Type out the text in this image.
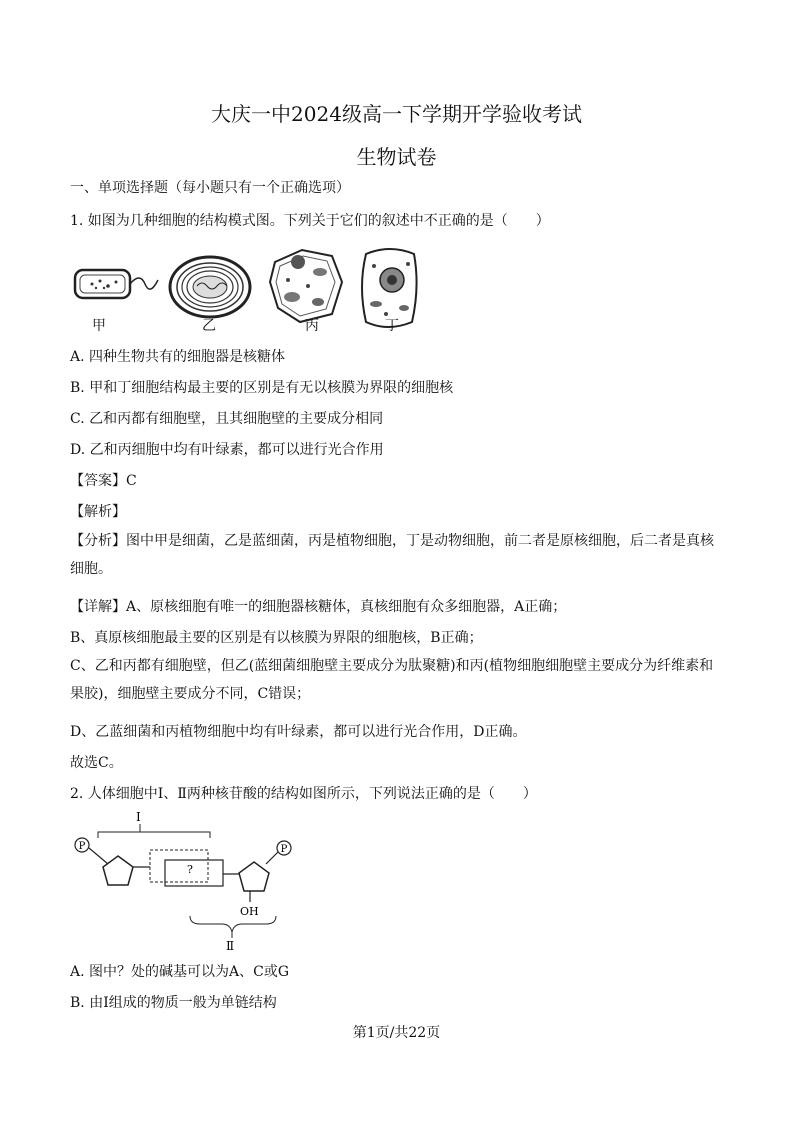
大庆一中2024级高一下学期开学验收考试
生物试卷
一、单项选择题（每小题只有一个正确选项）
1. 如图为几种细胞的结构模式图。下列关于它们的叙述中不正确的是（　　）
甲	乙	丙	丁
A. 四种生物共有的细胞器是核糖体
B. 甲和丁细胞结构最主要的区别是有无以核膜为界限的细胞核
C. 乙和丙都有细胞壁，且其细胞壁的主要成分相同
D. 乙和丙细胞中均有叶绿素，都可以进行光合作用
【答案】C
【解析】
【分析】图中甲是细菌，乙是蓝细菌，丙是植物细胞，丁是动物细胞，前二者是原核细胞，后二者是真核细胞。
【详解】A、原核细胞有唯一的细胞器核糖体，真核细胞有众多细胞器，A正确；
B、真原核细胞最主要的区别是有以核膜为界限的细胞核，B正确；
C、乙和丙都有细胞壁，但乙(蓝细菌细胞壁主要成分为肽聚糖)和丙(植物细胞细胞壁主要成分为纤维素和果胶)，细胞壁主要成分不同，C错误；
D、乙蓝细菌和丙植物细胞中均有叶绿素，都可以进行光合作用，D正确。
故选C。
2. 人体细胞中Ⅰ、Ⅱ两种核苷酸的结构如图所示，下列说法正确的是（　　）
P
Ⅰ
?
P
OH
Ⅱ
A. 图中？处的碱基可以为A、C或G
B. 由Ⅰ组成的物质一般为单链结构
第1页/共22页
